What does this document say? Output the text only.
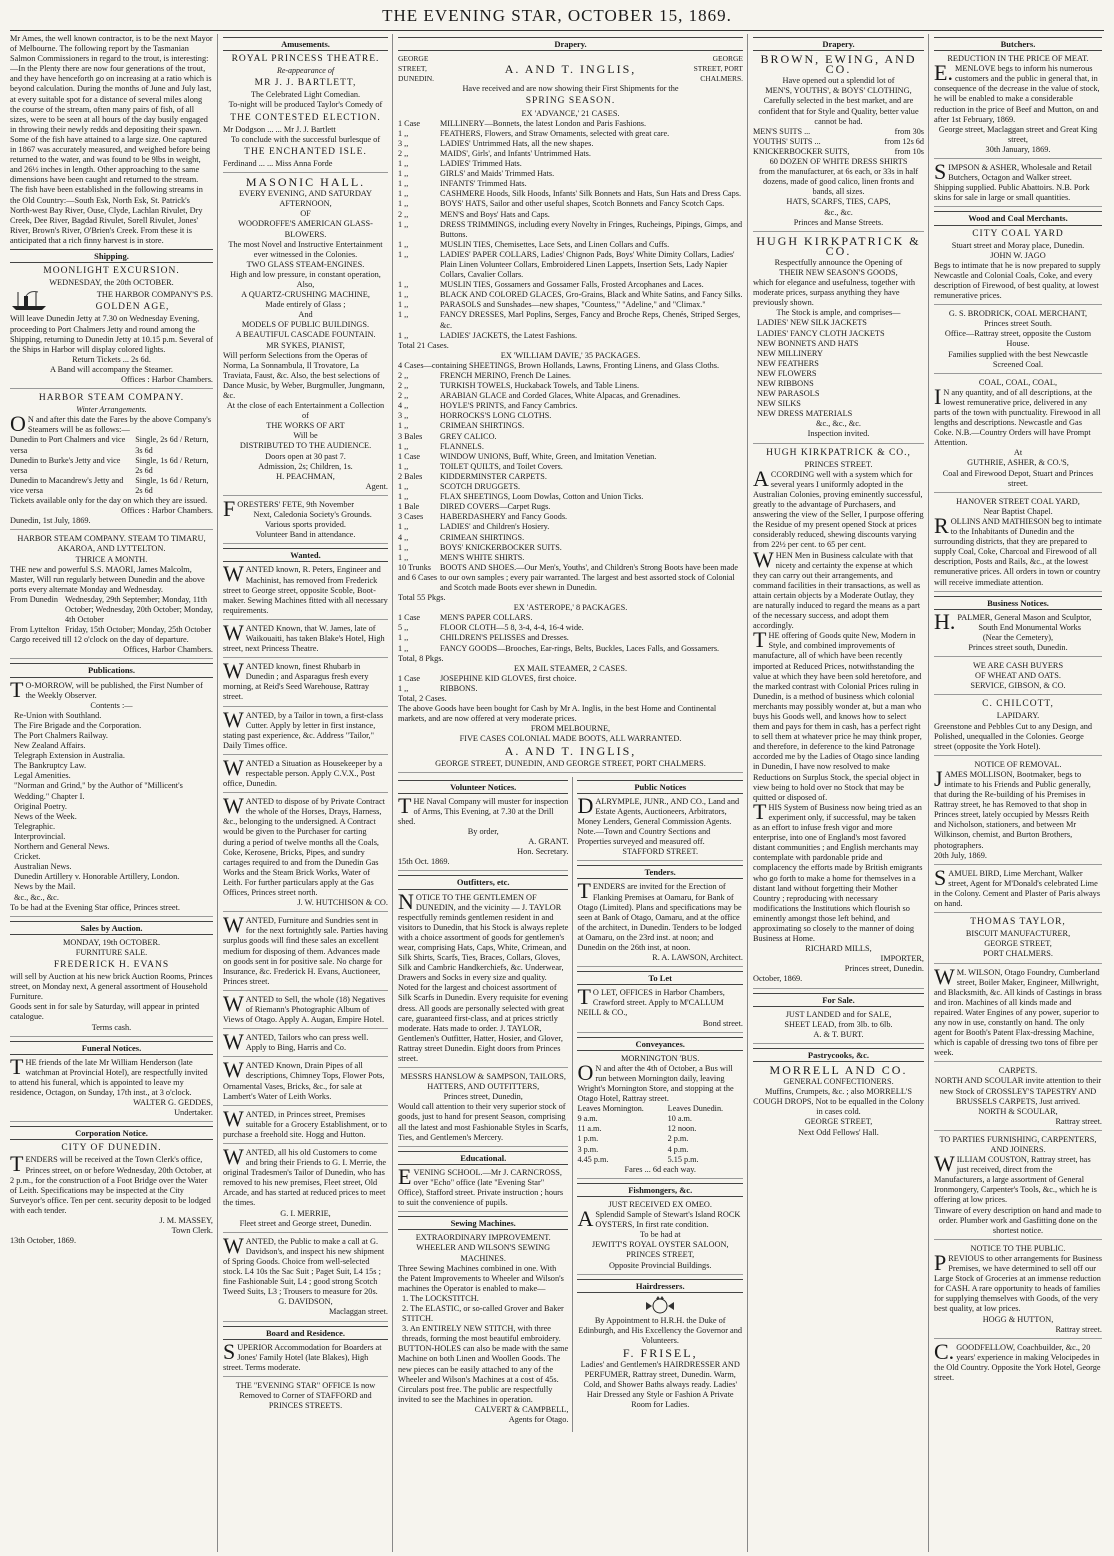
THE EVENING STAR, OCTOBER 15, 1869.

Mr Ames, the well known contractor, is to be the next Mayor of Melbourne. The following report by the Tasmanian Salmon Commissioners in regard to the trout, is interesting:—In the Plenty there are now four generations of the trout, and they have henceforth go on increasing at a ratio which is beyond calculation. During the months of June and July last, at every suitable spot for a distance of several miles along the course of the stream, often many pairs of fish, of all sizes, were to be seen at all hours of the day busily engaged in throwing their newly redds and depositing their spawn. Some of the fish have attained to a large size. One captured in 1867 was accurately measured, and weighed before being returned to the water, and was found to be 9lbs in weight, and 26½ inches in length. Other approaching to the same dimensions have been caught and returned to the stream. The fish have been established in the following streams in the Old Country:—South Esk, North Esk, St. Patrick's North-west Bay River, Ouse, Clyde, Lachlan Rivulet, Dry Creek, Dee River, Bagdad Rivulet, Sorell Rivulet, Jones' River, Brown's River, O'Brien's Creek. From these it is anticipated that a rich finny harvest is in store.

Shipping.
MOONLIGHT EXCURSION.
WEDNESDAY, the 20th OCTOBER.
THE HARBOR COMPANY'S P.S.
GOLDEN AGE,

Will leave Dunedin Jetty at 7.30 on Wednesday Evening, proceeding to Port Chalmers Jetty and round among the Shipping, returning to Dunedin Jetty at 10.15 p.m. Several of the Ships in Harbor will display colored lights.

Return Tickets ... 2s 6d.
A Band will accompany the Steamer.
Offices : Harbor Chambers.
HARBOR STEAM COMPANY.
Winter Arrangements.

ON and after this date the Fares by the above Company's Steamers will be as follows:—

Dunedin to Port Chalmers and vice versa	Single, 2s 6d / Return, 3s 6d
Dunedin to Burke's Jetty and vice versa	Single, 1s 6d / Return, 2s 6d
Dunedin to Macandrew's Jetty and vice versa	Single, 1s 6d / Return, 2s 6d

Tickets available only for the day on which they are issued.

Offices : Harbor Chambers.
Dunedin, 1st July, 1869.
HARBOR STEAM COMPANY. STEAM TO TIMARU, AKAROA, AND LYTTELTON.
THRICE A MONTH.

THE new and powerful S.S. MAORI, James Malcolm, Master, Will run regularly between Dunedin and the above ports every alternate Monday and Wednesday.

From Dunedin	Wednesday, 29th September; Monday, 11th October; Wednesday, 20th October; Monday, 4th October
From Lyttelton	Friday, 15th October; Monday, 25th October

Cargo received till 12 o'clock on the day of departure.

Offices, Harbor Chambers.
Publications.

TO-MORROW, will be published, the First Number of the Weekly Observer.

Contents :—
Re-Union with Southland.
The Fire Brigade and the Corporation.
The Port Chalmers Railway.
New Zealand Affairs.
Telegraph Extension in Australia.
The Bankruptcy Law.
Legal Amenities.
"Norman and Grind," by the Author of "Millicent's Wedding." Chapter I.
Original Poetry.
News of the Week.
Telegraphic.
Interprovincial.
Northern and General News.
Cricket.
Australian News.
Dunedin Artillery v. Honorable Artillery, London.
News by the Mail.
&c., &c., &c.

To be had at the Evening Star office, Princes street.

Sales by Auction.
MONDAY, 19th OCTOBER.
FURNITURE SALE.
FREDERICK H. EVANS

will sell by Auction at his new brick Auction Rooms, Princes street, on Monday next, A general assortment of Household Furniture.

Goods sent in for sale by Saturday, will appear in printed catalogue.

Terms cash.
Funeral Notices.

THE friends of the late Mr William Henderson (late watchman at Provincial Hotel), are respectfully invited to attend his funeral, which is appointed to leave my residence, Octagon, on Sunday, 17th inst., at 3 o'clock.

WALTER G. GEDDES,
Undertaker.
Corporation Notice.
CITY OF DUNEDIN.

TENDERS will be received at the Town Clerk's office, Princes street, on or before Wednesday, 20th October, at 2 p.m., for the construction of a Foot Bridge over the Water of Leith. Specifications may be inspected at the City Surveyor's office. Ten per cent. security deposit to be lodged with each tender.

J. M. MASSEY,
Town Clerk.
13th October, 1869.
Amusements.
ROYAL PRINCESS THEATRE.
Re-appearance of
MR J. J. BARTLETT,
The Celebrated Light Comedian.
To-night will be produced Taylor's Comedy of
THE CONTESTED ELECTION.
Mr Dodgson ... ... Mr J. J. Bartlett
To conclude with the successful burlesque of
THE ENCHANTED ISLE.
Ferdinand ... ... Miss Anna Forde
MASONIC HALL.
EVERY EVENING, AND SATURDAY AFTERNOON,
OF
WOODROFFE'S AMERICAN GLASS-BLOWERS.
The most Novel and Instructive Entertainment ever witnessed in the Colonies.
TWO GLASS STEAM-ENGINES.
High and low pressure, in constant operation,
Also,
A QUARTZ-CRUSHING MACHINE,
Made entirely of Glass ;
And
MODELS OF PUBLIC BUILDINGS.
A BEAUTIFUL CASCADE FOUNTAIN.
MR SYKES, PIANIST,

Will perform Selections from the Operas of Norma, La Sonnambula, Il Trovatore, La Traviata, Faust, &c. Also, the best selections of Dance Music, by Weber, Burgmuller, Jungmann, &c.

At the close of each Entertainment a Collection of
THE WORKS OF ART
Will be
DISTRIBUTED TO THE AUDIENCE.
Doors open at 30 past 7.
Admission, 2s; Children, 1s.
H. PEACHMAN,
Agent.

FORESTERS' FETE, 9th November

Next, Caledonia Society's Grounds.
Various sports provided.
Volunteer Band in attendance.
Wanted.

WANTED known, R. Peters, Engineer and Machinist, has removed from Frederick street to George street, opposite Scoble, Boot-maker. Sewing Machines fitted with all necessary requirements.

WANTED Known, that W. James, late of Waikouaiti, has taken Blake's Hotel, High street, next Princess Theatre.

WANTED known, finest Rhubarb in Dunedin ; and Asparagus fresh every morning, at Reid's Seed Warehouse, Rattray street.

WANTED, by a Tailor in town, a first-class Cutter. Apply by letter in first instance, stating past experience, &c. Address "Tailor," Daily Times office.

WANTED a Situation as Housekeeper by a respectable person. Apply C.V.X., Post office, Dunedin.

WANTED to dispose of by Private Contract the whole of the Horses, Drays, Harness, &c., belonging to the undersigned. A Contract would be given to the Purchaser for carting during a period of twelve months all the Coals, Coke, Kerosene, Bricks, Pipes, and sundry cartages required to and from the Dunedin Gas Works and the Steam Brick Works, Water of Leith. For further particulars apply at the Gas Offices, Princes street north.

J. W. HUTCHISON & CO.

WANTED, Furniture and Sundries sent in for the next fortnightly sale. Parties having surplus goods will find these sales an excellent medium for disposing of them. Advances made on goods sent in for positive sale. No charge for Insurance, &c. Frederick H. Evans, Auctioneer, Princes street.

WANTED to Sell, the whole (18) Negatives of Riemann's Photographic Album of Views of Otago. Apply A. Augan, Empire Hotel.

WANTED, Tailors who can press well. Apply to Bing, Harris and Co.

WANTED Known, Drain Pipes of all descriptions, Chimney Tops, Flower Pots, Ornamental Vases, Bricks, &c., for sale at Lambert's Water of Leith Works.

WANTED, in Princes street, Premises suitable for a Grocery Establishment, or to purchase a freehold site. Hogg and Hutton.

WANTED, all his old Customers to come and bring their Friends to G. I. Merrie, the original Tradesmen's Tailor of Dunedin, who has removed to his new premises, Fleet street, Old Arcade, and has started at reduced prices to meet the times.

G. I. MERRIE,
Fleet street and George street, Dunedin.

WANTED, the Public to make a call at G. Davidson's, and inspect his new shipment of Spring Goods. Choice from well-selected stock. L4 10s the Sac Suit ; Paget Suit, L4 15s ; fine Fashionable Suit, L4 ; good strong Scotch Tweed Suits, L3 ; Trousers to measure for 20s.

G. DAVIDSON,
Maclaggan street.
Board and Residence.

SUPERIOR Accommodation for Boarders at Jones' Family Hotel (late Blakes), High street. Terms moderate.

THE "EVENING STAR" OFFICE Is now Removed to Corner of STAFFORD and PRINCES STREETS.

Drapery.
GEORGE STREET, DUNEDIN.
A. AND T. INGLIS,
GEORGE STREET, PORT CHALMERS.
Have received and are now showing their First Shipments for the
SPRING SEASON.
EX 'ADVANCE,' 21 CASES.
1 Case	MILLINERY—Bonnets, the latest London and Paris Fashions.
1 ,,	FEATHERS, Flowers, and Straw Ornaments, selected with great care.
3 ,,	LADIES' Untrimmed Hats, all the new shapes.
2 ,,	MAIDS', Girls', and Infants' Untrimmed Hats.
1 ,,	LADIES' Trimmed Hats.
1 ,,	GIRLS' and Maids' Trimmed Hats.
1 ,,	INFANTS' Trimmed Hats.
1 ,,	CASHMERE Hoods, Silk Hoods, Infants' Silk Bonnets and Hats, Sun Hats and Dress Caps.
1 ,,	BOYS' HATS, Sailor and other useful shapes, Scotch Bonnets and Fancy Scotch Caps.
2 ,,	MEN'S and Boys' Hats and Caps.
1 ,,	DRESS TRIMMINGS, including every Novelty in Fringes, Rucheings, Pipings, Gimps, and Buttons.
1 ,,	MUSLIN TIES, Chemisettes, Lace Sets, and Linen Collars and Cuffs.
1 ,,	LADIES' PAPER COLLARS, Ladies' Chignon Pads, Boys' White Dimity Collars, Ladies' Plain Linen Volunteer Collars, Embroidered Linen Lappets, Insertion Sets, Lady Napier Collars, Cavalier Collars.
1 ,,	MUSLIN TIES, Gossamers and Gossamer Falls, Frosted Arcophanes and Laces.
1 ,,	BLACK AND COLORED GLACES, Gro-Grains, Black and White Satins, and Fancy Silks.
1 ,,	PARASOLS and Sunshades—new shapes, "Countess," "Adeline," and "Climax."
1 ,,	FANCY DRESSES, Marl Poplins, Serges, Fancy and Broche Reps, Chenés, Striped Serges, &c.
1 ,,	LADIES' JACKETS, the Latest Fashions.
Total 21 Cases.
EX 'WILLIAM DAVIE,' 35 PACKAGES.
4 Cases—containing SHEETINGS, Brown Hollands, Lawns, Fronting Linens, and Glass Cloths.
2 ,,	FRENCH MERINO, French De Laines.
2 ,,	TURKISH TOWELS, Huckaback Towels, and Table Linens.
2 ,,	ARABIAN GLACE and Corded Glaces, White Alpacas, and Grenadines.
4 ,,	HOYLE'S PRINTS, and Fancy Cambrics.
3 ,,	HORROCKS'S LONG CLOTHS.
1 ,,	CRIMEAN SHIRTINGS.
3 Bales	GREY CALICO.
1 ,,	FLANNELS.
1 Case	WINDOW UNIONS, Buff, White, Green, and Imitation Venetian.
1 ,,	TOILET QUILTS, and Toilet Covers.
2 Bales	KIDDERMINSTER CARPETS.
1 ,,	SCOTCH DRUGGETS.
1 ,,	FLAX SHEETINGS, Loom Dowlas, Cotton and Union Ticks.
1 Bale	DIRED COVERS—Carpet Rugs.
3 Cases	HABERDASHERY and Fancy Goods.
1 ,,	LADIES' and Children's Hosiery.
4 ,,	CRIMEAN SHIRTINGS.
1 ,,	BOYS' KNICKERBOCKER SUITS.
1 ,,	MEN'S WHITE SHIRTS.
10 Trunks and 6 Cases	BOOTS AND SHOES.—Our Men's, Youths', and Children's Strong Boots have been made to our own samples ; every pair warranted. The largest and best assorted stock of Colonial and Scotch made Boots ever shewn in Dunedin.
Total 55 Pkgs.
EX 'ASTEROPE,' 8 PACKAGES.
1 Case	MEN'S PAPER COLLARS.
5 ,,	FLOOR CLOTH—5 8, 3-4, 4-4, 16-4 wide.
1 ,,	CHILDREN'S PELISSES and Dresses.
1 ,,	FANCY GOODS—Brooches, Ear-rings, Belts, Buckles, Laces Falls, and Gossamers.
Total, 8 Pkgs.
EX MAIL STEAMER, 2 CASES.
1 Case	JOSEPHINE KID GLOVES, first choice.
1 ,,	RIBBONS.
Total, 2 Cases.

The above Goods have been bought for Cash by Mr A. Inglis, in the best Home and Continental markets, and are now offered at very moderate prices.

FROM MELBOURNE,
FIVE CASES COLONIAL MADE BOOTS, ALL WARRANTED.
A. AND T. INGLIS,
GEORGE STREET, DUNEDIN, AND GEORGE STREET, PORT CHALMERS.
Volunteer Notices.

THE Naval Company will muster for inspection of Arms, This Evening, at 7.30 at the Drill shed.

By order,
A. GRANT.
Hon. Secretary.
15th Oct. 1869.
Outfitters, etc.

NOTICE TO THE GENTLEMEN OF DUNEDIN, and the vicinity — J. TAYLOR respectfully reminds gentlemen resident in and visitors to Dunedin, that his Stock is always replete with a choice assortment of goods for gentlemen's wear, comprising Hats, Caps, White, Crimean, and Silk Shirts, Scarfs, Ties, Braces, Collars, Gloves, Silk and Cambric Handkerchiefs, &c. Underwear, Drawers and Socks in every size and quality. Noted for the largest and choicest assortment of Silk Scarfs in Dunedin. Every requisite for evening dress. All goods are personally selected with great care, guaranteed first-class, and at prices strictly moderate. Hats made to order. J. TAYLOR, Gentlemen's Outfitter, Hatter, Hosier, and Glover, Rattray street Dunedin. Eight doors from Princes street.

MESSRS HANSLOW & SAMPSON, TAILORS, HATTERS, AND OUTFITTERS,
Princes street, Dunedin,

Would call attention to their very superior stock of goods, just to hand for present Season, comprising all the latest and most Fashionable Styles in Scarfs, Ties, and Gentlemen's Mercery.

Educational.

EVENING SCHOOL.—Mr J. CARNCROSS, over "Echo" office (late "Evening Star" Office), Stafford street. Private instruction ; hours to suit the convenience of pupils.

Sewing Machines.
EXTRAORDINARY IMPROVEMENT. WHEELER AND WILSON'S SEWING MACHINES.

Three Sewing Machines combined in one. With the Patent Improvements to Wheeler and Wilson's machines the Operator is enabled to make—

1. The LOCKSTITCH.
2. The ELASTIC, or so-called Grover and Baker STITCH.
3. An ENTIRELY NEW STITCH, with three threads, forming the most beautiful embroidery.

BUTTON-HOLES can also be made with the same Machine on both Linen and Woollen Goods. The new pieces can be easily attached to any of the Wheeler and Wilson's Machines at a cost of 45s. Circulars post free. The public are respectfully invited to see the Machines in operation.

CALVERT & CAMPBELL,
Agents for Otago.
Public Notices

DALRYMPLE, JUNR., AND CO., Land and Estate Agents, Auctioneers, Arbitrators, Money Lenders, General Commission Agents. Note.—Town and Country Sections and Properties surveyed and measured off.

STAFFORD STREET.
Tenders.

TENDERS are invited for the Erection of Flanking Premises at Oamaru, for Bank of Otago (Limited). Plans and specifications may be seen at Bank of Otago, Oamaru, and at the office of the architect, in Dunedin. Tenders to be lodged at Oamaru, on the 23rd inst. at noon; and Dunedin on the 26th inst, at noon.

R. A. LAWSON, Architect.
To Let

TO LET, OFFICES in Harbor Chambers, Crawford street. Apply to M'CALLUM NEILL & CO.,

Bond street.
Conveyances.
MORNINGTON 'BUS.

ON and after the 4th of October, a Bus will run between Mornington daily, leaving Wright's Mornington Store, and stopping at the Otago Hotel, Rattray street.

Leaves Mornington.	Leaves Dunedin.
9 a.m.	10 a.m.
11 a.m.	12 noon.
1 p.m.	2 p.m.
3 p.m.	4 p.m.
4.45 p.m.	5.15 p.m.
Fares ... 6d each way.
Fishmongers, &c.
JUST RECEIVED EX OMEO.

ASplendid Sample of Stewart's Island ROCK OYSTERS, In first rate condition.

To be had at
JEWITT'S ROYAL OYSTER SALOON,
PRINCES STREET,
Opposite Provincial Buildings.
Hairdressers.

By Appointment to H.R.H. the Duke of Edinburgh, and His Excellency the Governor and Volunteers.

F. FRISEL,

Ladies' and Gentlemen's HAIRDRESSER AND PERFUMER, Rattray street, Dunedin. Warm, Cold, and Shower Baths always ready. Ladies' Hair Dressed any Style or Fashion A Private Room for Ladies.

Drapery.
BROWN, EWING, AND CO.
Have opened out a splendid lot of
MEN'S, YOUTHS', & BOYS' CLOTHING,

Carefully selected in the best market, and are confident that for Style and Quality, better value cannot be had.

MEN'S SUITS ...	from 30s
YOUTHS' SUITS ...	from 12s 6d
KNICKERBOCKER SUITS,	from 10s
60 DOZEN OF WHITE DRESS SHIRTS

from the manufacturer, at 6s each, or 33s in half dozens, made of good calico, linen fronts and bands, all sizes.

HATS, SCARFS, TIES, CAPS,
&c., &c.
Princes and Manse Streets.
HUGH KIRKPATRICK & CO.
Respectfully announce the Opening of
THEIR NEW SEASON'S GOODS,

which for elegance and usefulness, together with moderate prices, surpass anything they have previously shown.

The Stock is ample, and comprises—
LADIES' NEW SILK JACKETS
LADIES' FANCY CLOTH JACKETS
NEW BONNETS AND HATS
NEW MILLINERY
NEW FEATHERS
NEW FLOWERS
NEW RIBBONS
NEW PARASOLS
NEW SILKS
NEW DRESS MATERIALS
&c., &c., &c.
Inspection invited.
HUGH KIRKPATRICK & CO.,
PRINCES STREET.

ACCORDING well with a system which for several years I uniformly adopted in the Australian Colonies, proving eminently successful, greatly to the advantage of Purchasers, and answering the view of the Seller, I purpose offering the Residue of my present opened Stock at prices considerably reduced, shewing discounts varying from 22½ per cent. to 65 per cent.

WHEN Men in Business calculate with that nicety and certainty the expense at which they can carry out their arrangements, and command facilities in their transactions, as well as attain certain objects by a Moderate Outlay, they are naturally induced to regard the means as a part of the necessary success, and adopt them accordingly.

THE offering of Goods quite New, Modern in Style, and combined improvements of manufacture, all of which have been recently imported at Reduced Prices, notwithstanding the value at which they have been sold heretofore, and the marked contrast with Colonial Prices ruling in Dunedin, is a method of business which colonial merchants may possibly wonder at, but a man who buys his Goods well, and knows how to select them and pays for them in cash, has a perfect right to sell them at whatever price he may think proper, and therefore, in deference to the kind Patronage accorded me by the Ladies of Otago since landing in Dunedin, I have now resolved to make Reductions on Surplus Stock, the special object in view being to hold over no Stock that may be quitted or disposed of.

THIS System of Business now being tried as an experiment only, if successful, may be taken as an effort to infuse fresh vigor and more enterprise, into one of England's most favored distant communities ; and English merchants may contemplate with pardonable pride and complacency the efforts made by British emigrants who go forth to make a home for themselves in a distant land without forgetting their Mother Country ; reproducing with necessary modifications the Institutions which flourish so eminently amongst those left behind, and approximating so closely to the manner of doing Business at Home.

RICHARD MILLS,
IMPORTER,
Princes street, Dunedin.
October, 1869.
For Sale.
JUST LANDED and for SALE,
SHEET LEAD, from 3lb. to 6lb.
A. & T. BURT.
Pastrycooks, &c.
MORRELL AND CO.
GENERAL CONFECTIONERS.

Muffins, Crumpets, &c. ; also MORRELL'S COUGH DROPS, Not to be equalled in the Colony in cases cold.

GEORGE STREET,
Next Odd Fellows' Hall.
Butchers.
REDUCTION IN THE PRICE OF MEAT.

E.MENLOVE begs to inform his numerous customers and the public in general that, in consequence of the decrease in the value of stock, he will be enabled to make a considerable reduction in the price of Beef and Mutton, on and after 1st February, 1869.

George street, Maclaggan street and Great King street,
30th January, 1869.

SIMPSON & ASHER, Wholesale and Retail Butchers, Octagon and Walker street. Shipping supplied. Public Abattoirs. N.B. Pork skins for sale in large or small quantities.

Wood and Coal Merchants.
CITY COAL YARD
Stuart street and Moray place, Dunedin.
JOHN W. JAGO

Begs to intimate that he is now prepared to supply Newcastle and Colonial Coals, Coke, and every description of Firewood, of best quality, at lowest remunerative prices.

G. S. BRODRICK, COAL MERCHANT,
Princes street South.

Office—Rattray street, opposite the Custom House.

Families supplied with the best Newcastle Screened Coal.

COAL, COAL, COAL,

IN any quantity, and of all descriptions, at the lowest remunerative price, delivered in any parts of the town with punctuality. Firewood in all lengths and descriptions. Newcastle and Gas Coke. N.B.—Country Orders will have Prompt Attention.

At
GUTHRIE, ASHER, & CO.'S,
Coal and Firewood Depot, Stuart and Princes street.
HANOVER STREET COAL YARD,
Near Baptist Chapel.

ROLLINS AND MATHIESON beg to intimate to the Inhabitants of Dunedin and the surrounding districts, that they are prepared to supply Coal, Coke, Charcoal and Firewood of all description, Posts and Rails, &c., at the lowest remunerative prices. All orders in town or country will receive immediate attention.

Business Notices.

H.PALMER, General Mason and Sculptor,

South End Monumental Works
(Near the Cemetery),
Princes street south, Dunedin.
WE ARE CASH BUYERS
OF WHEAT AND OATS.
SERVICE, GIBSON, & CO.
C. CHILCOTT,
LAPIDARY.

Greenstone and Pebbles Cut to any Design, and Polished, unequalled in the Colonies. George street (opposite the York Hotel).

NOTICE OF REMOVAL.

JAMES MOLLISON, Bootmaker, begs to intimate to his Friends and Public generally, that during the Re-building of his Premises in Rattray street, he has Removed to that shop in Princes street, lately occupied by Messrs Reith and Nicholson, stationers, and between Mr Wilkinson, chemist, and Burton Brothers, photographers.

20th July, 1869.

SAMUEL BIRD, Lime Merchant, Walker street, Agent for M'Donald's celebrated Lime in the Colony. Cement and Plaster of Paris always on hand.

THOMAS TAYLOR,
BISCUIT MANUFACTURER,
GEORGE STREET,
PORT CHALMERS.

WM. WILSON, Otago Foundry, Cumberland street, Boiler Maker, Engineer, Millwright, and Blacksmith, &c. All kinds of Castings in brass and iron. Machines of all kinds made and repaired. Water Engines of any power, superior to any now in use, constantly on hand. The only agent for Booth's Patent Flax-dressing Machine, which is capable of dressing two tons of fibre per week.

CARPETS.

NORTH AND SCOULAR invite attention to their new Stock of CROSSLEY'S TAPESTRY AND BRUSSELS CARPETS, Just arrived.

NORTH & SCOULAR,
Rattray street.
TO PARTIES FURNISHING, CARPENTERS, AND JOINERS.

WILLIAM COUSTON, Rattray street, has just received, direct from the Manufacturers, a large assortment of General Ironmongery, Carpenter's Tools, &c., which he is offering at low prices.

Tinware of every description on hand and made to order. Plumber work and Gasfitting done on the shortest notice.

NOTICE TO THE PUBLIC.

PREVIOUS to other arrangements for Business Premises, we have determined to sell off our Large Stock of Groceries at an immense reduction for CASH. A rare opportunity to heads of families for supplying themselves with Goods, of the very best quality, at low prices.

HOGG & HUTTON,
Rattray street.

C.GOODFELLOW, Coachbuilder, &c., 20 years' experience in making Velocipedes in the Old Country. Opposite the York Hotel, George street.
